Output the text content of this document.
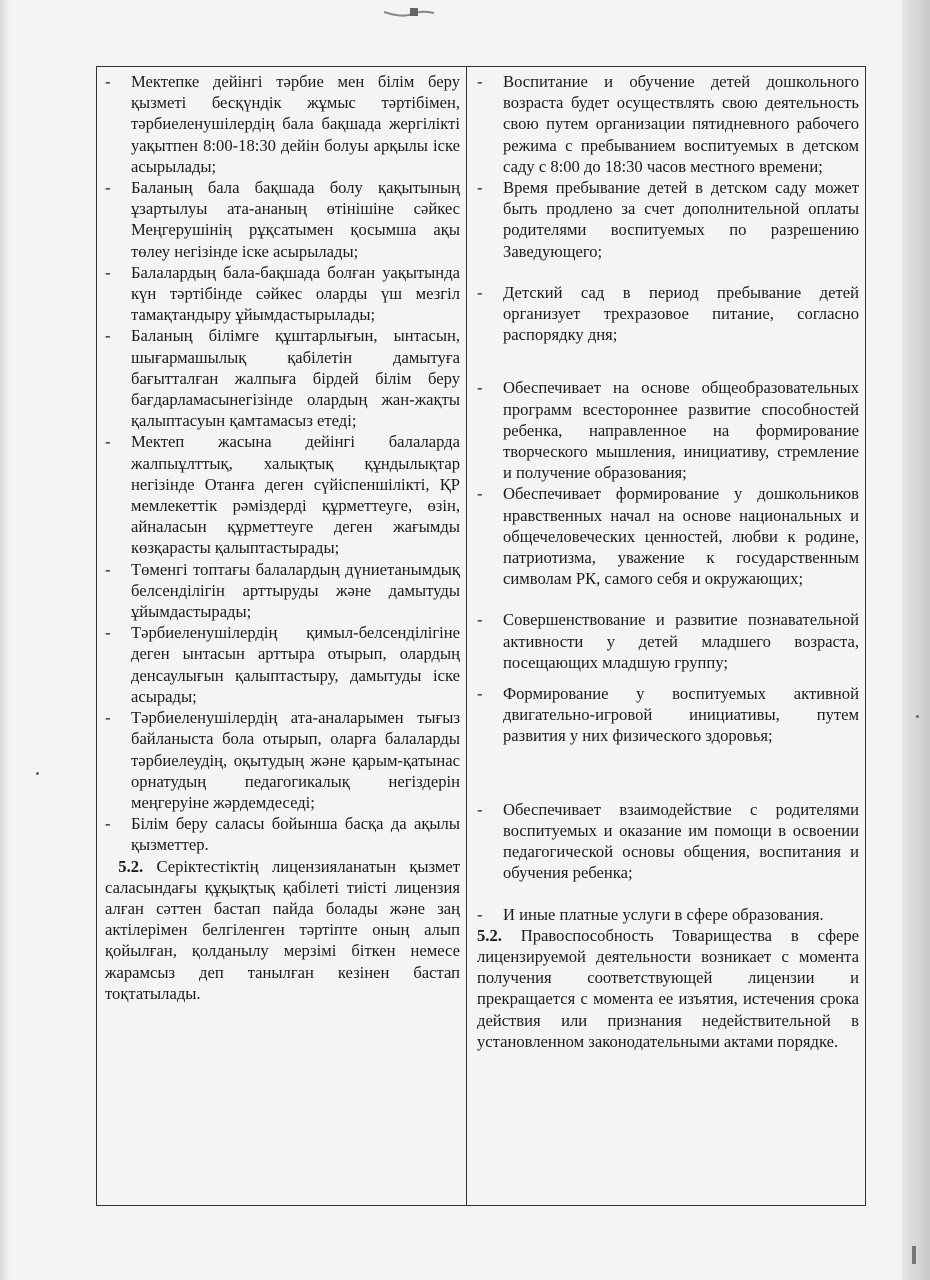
-	Мектепке дейінгі тәрбие мен білім беру қызметі бесқүндік жұмыс тәртібімен, тәрбиеленушілердің бала бақшада жергілікті уақытпен 8:00-18:30 дейін болуы арқылы іске асырылады;
-	Баланың бала бақшада болу қақытының ұзартылуы ата-ананың өтінішіне сәйкес Меңгерушінің рұқсатымен қосымша ақы төлеу негізінде іске асырылады;
-	Балалардың бала-бақшада болған уақытында күн тәртібінде сәйкес оларды үш мезгіл тамақтандыру ұйымдастырылады;
-	Баланың білімге құштарлығын, ынтасын, шығармашылық қабілетін дамытуға бағытталған жалпыға бірдей білім беру бағдарламасынегізінде олардың жан-жақты қалыптасуын қамтамасыз етеді;
-	Мектеп жасына дейінгі балаларда жалпыұлттық, халықтық құндылықтар негізінде Отанға деген сүйіспеншілікті, ҚР мемлекеттік рәміздерді құрметтеуге, өзін, айналасын құрметтеуге деген жағымды көзқарасты қалыптастырады;
-	Төменгі топтағы балалардың дүниетанымдық белсенділігін арттыруды және дамытуды ұйымдастырады;
-	Тәрбиеленушілердің қимыл-белсенділігіне деген ынтасын арттыра отырып, олардың денсаулығын қалыптастыру, дамытуды іске асырады;
-	Тәрбиеленушілердің ата-аналарымен тығыз байланыста бола отырып, оларға балаларды тәрбиелеудің, оқытудың және қарым-қатынас орнатудың педагогикалық негіздерін меңгеруіне жәрдемдеседі;
-	Білім беру саласы бойынша басқа да ақылы қызметтер.

5.2. Серіктестіктің лицензияланатын қызмет саласындағы құқықтық қабілеті тиісті лицензия алған сәттен бастап пайда болады және заң актілерімен белгіленген тәртіпте оның алып қойылған, қолданылу мерзімі біткен немесе жарамсыз деп танылған кезінен бастап тоқтатылады.

-	Воспитание и обучение детей дошкольного возраста будет осуществлять свою деятельность свою путем организации пятидневного рабочего режима с пребыванием воспитуемых в детском саду с 8:00 до 18:30 часов местного времени;
-	Время пребывание детей в детском саду может быть продлено за счет дополнительной оплаты родителями воспитуемых по разрешению Заведующего;
-	Детский сад в период пребывание детей организует трехразовое питание, согласно распорядку дня;
-	Обеспечивает на основе общеобразовательных программ всестороннее развитие способностей ребенка, направленное на формирование творческого мышления, инициативу, стремление и получение образования;
-	Обеспечивает формирование у дошкольников нравственных начал на основе национальных и общечеловеческих ценностей, любви к родине, патриотизма, уважение к государственным символам РК, самого себя и окружающих;
-	Совершенствование и развитие познавательной активности у детей младшего возраста, посещающих младшую группу;
-	Формирование у воспитуемых активной двигательно-игровой инициативы, путем развития у них физического здоровья;
-	Обеспечивает взаимодействие с родителями воспитуемых и оказание им помощи в освоении педагогической основы общения, воспитания и обучения ребенка;
-	И иные платные услуги в сфере образования.

5.2. Правоспособность Товарищества в сфере лицензируемой деятельности возникает с момента получения соответствующей лицензии и прекращается с момента ее изъятия, истечения срока действия или признания недействительной в установленном законодательными актами порядке.
